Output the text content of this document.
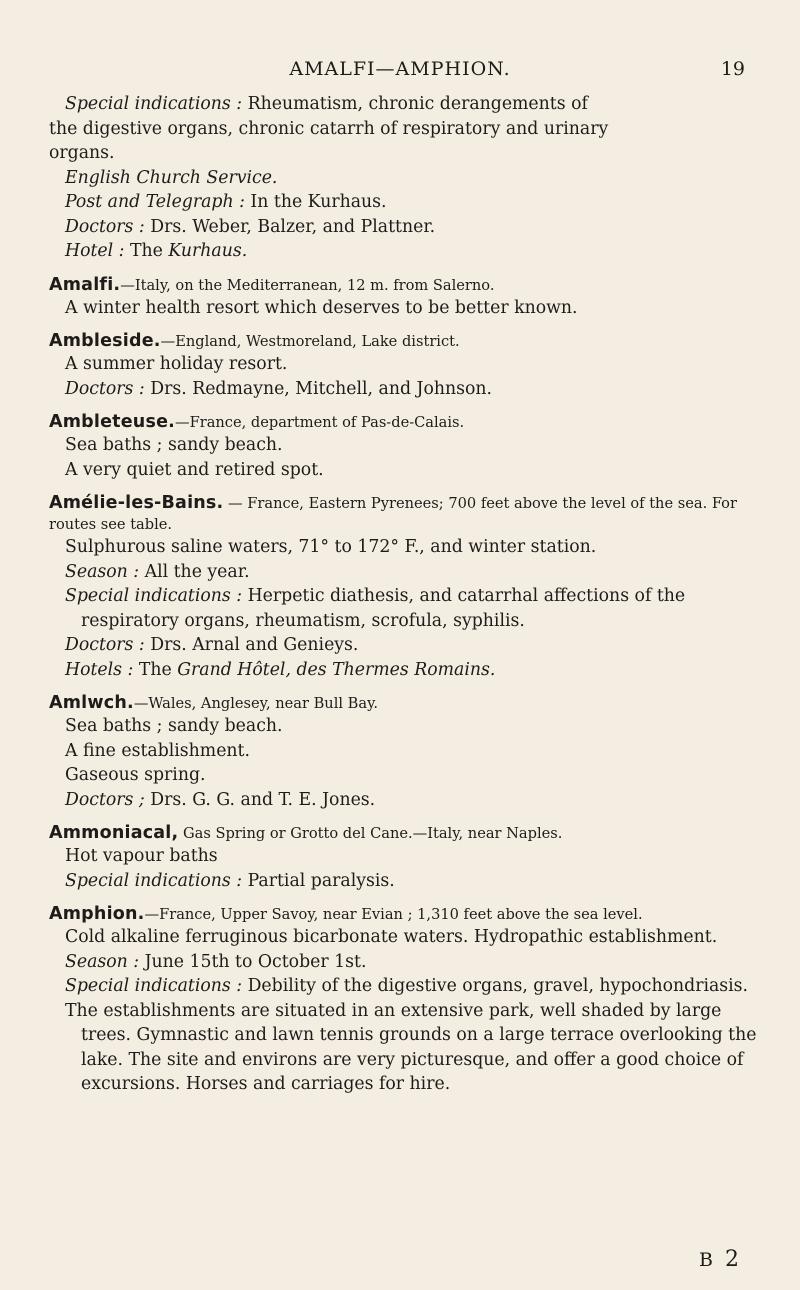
AMALFI—AMPHION.	19
Special indications : Rheumatism, chronic derangements of
the digestive organs, chronic catarrh of respiratory and urinary
organs.
English Church Service.
Post and Telegraph : In the Kurhaus.
Doctors : Drs. Weber, Balzer, and Plattner.
Hotel : The Kurhaus.
Amalfi.—Italy, on the Mediterranean, 12 m. from Salerno.
A winter health resort which deserves to be better known.
Ambleside.—England, Westmoreland, Lake district.
A summer holiday resort.
Doctors : Drs. Redmayne, Mitchell, and Johnson.
Ambleteuse.—France, department of Pas-de-Calais.
Sea baths ; sandy beach.
A very quiet and retired spot.
Amélie-les-Bains. — France, Eastern Pyrenees; 700 feet above the level of the sea. For routes see table.
Sulphurous saline waters, 71° to 172° F., and winter station.
Season : All the year.
Special indications : Herpetic diathesis, and catarrhal affections of the respiratory organs, rheumatism, scrofula, syphilis.
Doctors : Drs. Arnal and Genieys.
Hotels : The Grand Hôtel, des Thermes Romains.
Amlwch.—Wales, Anglesey, near Bull Bay.
Sea baths ; sandy beach.
A fine establishment.
Gaseous spring.
Doctors ; Drs. G. G. and T. E. Jones.
Ammoniacal, Gas Spring or Grotto del Cane.—Italy, near Naples.
Hot vapour baths
Special indications : Partial paralysis.
Amphion.—France, Upper Savoy, near Evian ; 1,310 feet above the sea level.
Cold alkaline ferruginous bicarbonate waters. Hydropathic establishment.
Season : June 15th to October 1st.
Special indications : Debility of the digestive organs, gravel, hypochondriasis.
The establishments are situated in an extensive park, well shaded by large trees. Gymnastic and lawn tennis grounds on a large terrace overlooking the lake. The site and environs are very picturesque, and offer a good choice of excursions. Horses and carriages for hire.
B 2
